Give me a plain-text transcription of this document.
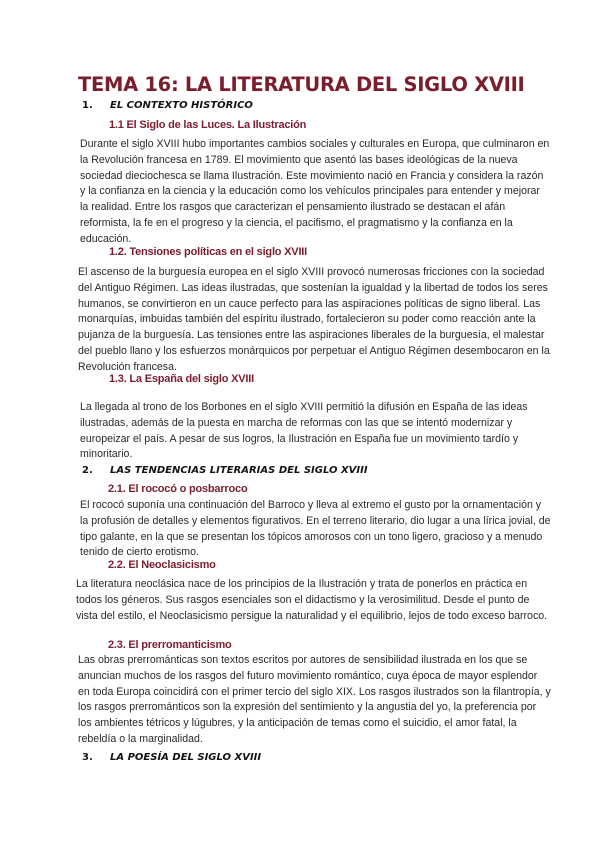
TEMA 16: LA LITERATURA DEL SIGLO XVIII
1. EL CONTEXTO HISTÓRICO
1.1 El Siglo de las Luces. La Ilustración
Durante el siglo XVIII hubo importantes cambios sociales y culturales en Europa, que culminaron en la Revolución francesa en 1789. El movimiento que asentó las bases ideológicas de la nueva sociedad dieciochesca se llama Ilustración. Este movimiento nació en Francia y considera la razón y la confianza en la ciencia y la educación como los vehículos principales para entender y mejorar la realidad. Entre los rasgos que caracterizan el pensamiento ilustrado se destacan el afán reformista, la fe en el progreso y la ciencia, el pacifismo, el pragmatismo y la confianza en la educación.
1.2. Tensiones políticas en el siglo XVIII
El ascenso de la burguesía europea en el siglo XVIII provocó numerosas fricciones con la sociedad del Antiguo Régimen. Las ideas ilustradas, que sostenían la igualdad y la libertad de todos los seres humanos, se convirtieron en un cauce perfecto para las aspiraciones políticas de signo liberal. Las monarquías, imbuidas también del espíritu ilustrado, fortalecieron su poder como reacción ante la pujanza de la burguesía. Las tensiones entre las aspiraciones liberales de la burguesía, el malestar del pueblo llano y los esfuerzos monárquicos por perpetuar el Antiguo Régimen desembocaron en la Revolución francesa.
1.3. La España del siglo XVIII
La llegada al trono de los Borbones en el siglo XVIII permitió la difusión en España de las ideas ilustradas, además de la puesta en marcha de reformas con las que se intentó modernizar y europeizar el país. A pesar de sus logros, la Ilustración en España fue un movimiento tardío y minoritario.
2. LAS TENDENCIAS LITERARIAS DEL SIGLO XVIII
2.1. El rococó o posbarroco
El rococó suponía una continuación del Barroco y lleva al extremo el gusto por la ornamentación y la profusión de detalles y elementos figurativos. En el terreno literario, dio lugar a una lírica jovial, de tipo galante, en la que se presentan los tópicos amorosos con un tono ligero, gracioso y a menudo tenido de cierto erotismo.
2.2. El Neoclasicismo
La literatura neoclásica nace de los principios de la Ilustración y trata de ponerlos en práctica en todos los géneros. Sus rasgos esenciales son el didactismo y la verosimilitud. Desde el punto de vista del estilo, el Neoclasicismo persigue la naturalidad y el equilibrio, lejos de todo exceso barroco.
2.3. El prerromanticismo
Las obras prerrománticas son textos escritos por autores de sensibilidad ilustrada en los que se anuncian muchos de los rasgos del futuro movimiento romántico, cuya época de mayor esplendor en toda Europa coincidirá con el primer tercio del siglo XIX. Los rasgos ilustrados son la filantropía, y los rasgos prerrománticos son la expresión del sentimiento y la angustia del yo, la preferencia por los ambientes tétricos y lúgubres, y la anticipación de temas como el suicidio, el amor fatal, la rebeldía o la marginalidad.
3. LA POESÍA DEL SIGLO XVIII
